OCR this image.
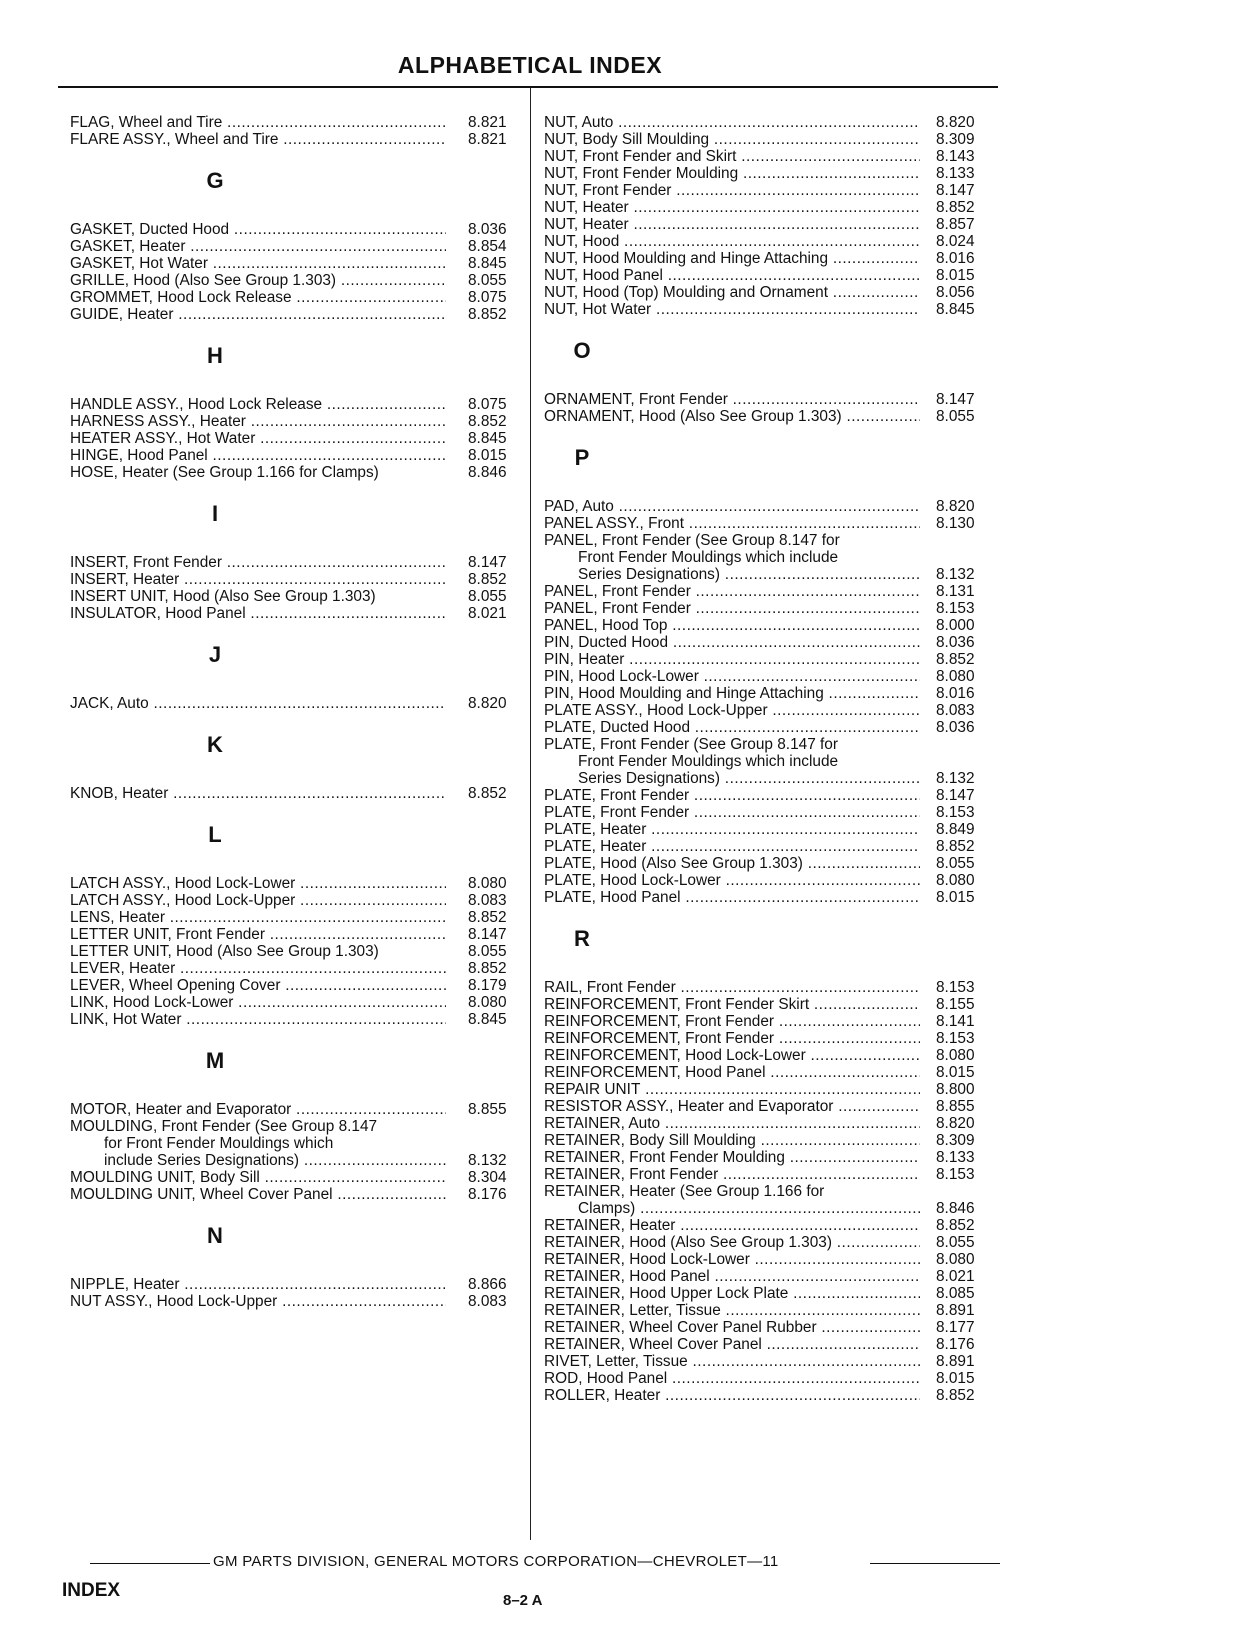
ALPHABETICAL INDEX
FLAG, Wheel and Tire .....	8.821
FLARE ASSY., Wheel and Tire .....	8.821
G
GASKET, Ducted Hood .....	8.036
GASKET, Heater .....	8.854
GASKET, Hot Water .....	8.845
GRILLE, Hood (Also See Group 1.303) .....	8.055
GROMMET, Hood Lock Release .....	8.075
GUIDE, Heater .....	8.852
H
HANDLE ASSY., Hood Lock Release .....	8.075
HARNESS ASSY., Heater .....	8.852
HEATER ASSY., Hot Water .....	8.845
HINGE, Hood Panel .....	8.015
HOSE, Heater (See Group 1.166 for Clamps)	8.846
I
INSERT, Front Fender .....	8.147
INSERT, Heater .....	8.852
INSERT UNIT, Hood (Also See Group 1.303)	8.055
INSULATOR, Hood Panel .....	8.021
J
JACK, Auto .....	8.820
K
KNOB, Heater .....	8.852
L
LATCH ASSY., Hood Lock-Lower .....	8.080
LATCH ASSY., Hood Lock-Upper .....	8.083
LENS, Heater .....	8.852
LETTER UNIT, Front Fender .....	8.147
LETTER UNIT, Hood (Also See Group 1.303)	8.055
LEVER, Heater .....	8.852
LEVER, Wheel Opening Cover .....	8.179
LINK, Hood Lock-Lower .....	8.080
LINK, Hot Water .....	8.845
M
MOTOR, Heater and Evaporator .....	8.855
MOULDING, Front Fender (See Group 8.147
for Front Fender Mouldings which
include Series Designations) .....	8.132
MOULDING UNIT, Body Sill .....	8.304
MOULDING UNIT, Wheel Cover Panel .....	8.176
N
NIPPLE, Heater .....	8.866
NUT ASSY., Hood Lock-Upper .....	8.083
NUT, Auto .....	8.820
NUT, Body Sill Moulding .....	8.309
NUT, Front Fender and Skirt .....	8.143
NUT, Front Fender Moulding .....	8.133
NUT, Front Fender .....	8.147
NUT, Heater .....	8.852
NUT, Heater .....	8.857
NUT, Hood .....	8.024
NUT, Hood Moulding and Hinge Attaching .....	8.016
NUT, Hood Panel .....	8.015
NUT, Hood (Top) Moulding and Ornament .....	8.056
NUT, Hot Water .....	8.845
O
ORNAMENT, Front Fender .....	8.147
ORNAMENT, Hood (Also See Group 1.303) .....	8.055
P
PAD, Auto .....	8.820
PANEL ASSY., Front .....	8.130
PANEL, Front Fender (See Group 8.147 for
Front Fender Mouldings which include
Series Designations) .....	8.132
PANEL, Front Fender .....	8.131
PANEL, Front Fender .....	8.153
PANEL, Hood Top .....	8.000
PIN, Ducted Hood .....	8.036
PIN, Heater .....	8.852
PIN, Hood Lock-Lower .....	8.080
PIN, Hood Moulding and Hinge Attaching .....	8.016
PLATE ASSY., Hood Lock-Upper .....	8.083
PLATE, Ducted Hood .....	8.036
PLATE, Front Fender (See Group 8.147 for
Front Fender Mouldings which include
Series Designations) .....	8.132
PLATE, Front Fender .....	8.147
PLATE, Front Fender .....	8.153
PLATE, Heater .....	8.849
PLATE, Heater .....	8.852
PLATE, Hood (Also See Group 1.303) .....	8.055
PLATE, Hood Lock-Lower .....	8.080
PLATE, Hood Panel .....	8.015
R
RAIL, Front Fender .....	8.153
REINFORCEMENT, Front Fender Skirt .....	8.155
REINFORCEMENT, Front Fender .....	8.141
REINFORCEMENT, Front Fender .....	8.153
REINFORCEMENT, Hood Lock-Lower .....	8.080
REINFORCEMENT, Hood Panel .....	8.015
REPAIR UNIT .....	8.800
RESISTOR ASSY., Heater and Evaporator .....	8.855
RETAINER, Auto .....	8.820
RETAINER, Body Sill Moulding .....	8.309
RETAINER, Front Fender Moulding .....	8.133
RETAINER, Front Fender .....	8.153
RETAINER, Heater (See Group 1.166 for
Clamps) .....	8.846
RETAINER, Heater .....	8.852
RETAINER, Hood (Also See Group 1.303) .....	8.055
RETAINER, Hood Lock-Lower .....	8.080
RETAINER, Hood Panel .....	8.021
RETAINER, Hood Upper Lock Plate .....	8.085
RETAINER, Letter, Tissue .....	8.891
RETAINER, Wheel Cover Panel Rubber .....	8.177
RETAINER, Wheel Cover Panel .....	8.176
RIVET, Letter, Tissue .....	8.891
ROD, Hood Panel .....	8.015
ROLLER, Heater .....	8.852
GM PARTS DIVISION, GENERAL MOTORS CORPORATION—CHEVROLET—11
INDEX	8–2 A
